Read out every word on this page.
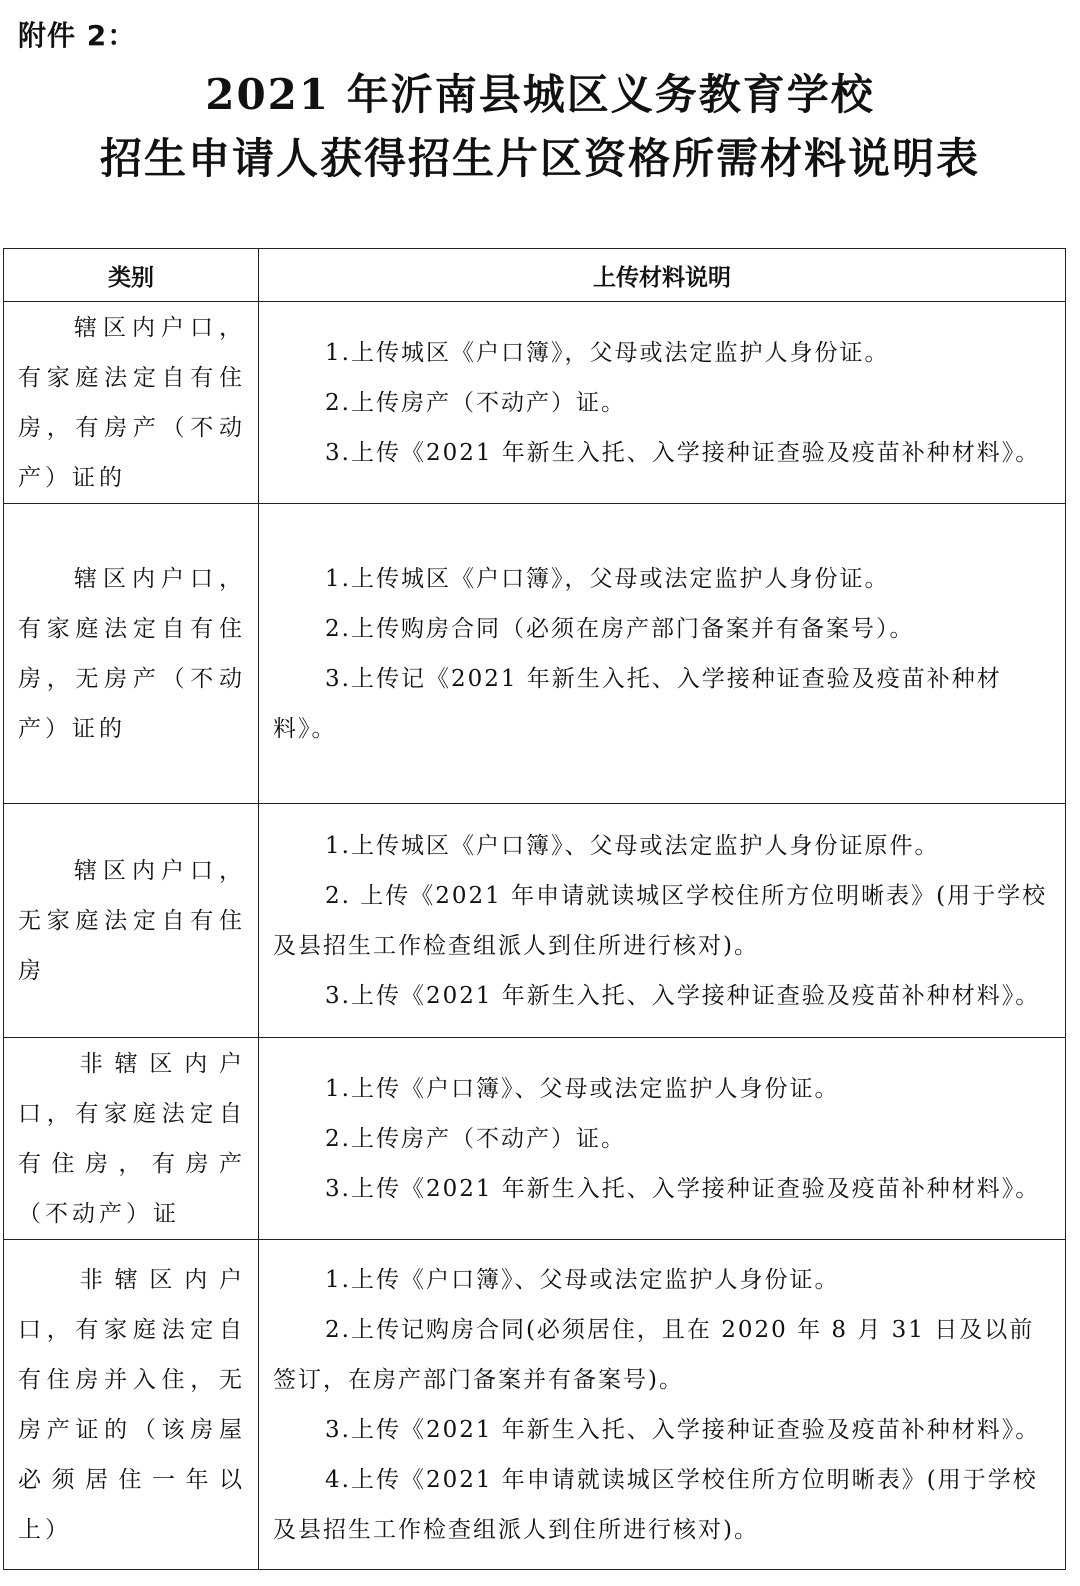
附件 2：
2021 年沂南县城区义务教育学校
招生申请人获得招生片区资格所需材料说明表
类别	上传材料说明
辖区内户口，有家庭法定自有住房，有房产（不动产）证的	1.上传城区《户口簿》，父母或法定监护人身份证。

2.上传房产（不动产）证。

3.上传《2021 年新生入托、入学接种证查验及疫苗补种材料》。

辖区内户口，有家庭法定自有住房，无房产（不动产）证的	1.上传城区《户口簿》，父母或法定监护人身份证。

2.上传购房合同（必须在房产部门备案并有备案号）。

3.上传记《2021 年新生入托、入学接种证查验及疫苗补种材料》。

辖区内户口，无家庭法定自有住房	1.上传城区《户口簿》、父母或法定监护人身份证原件。

2. 上传《2021 年申请就读城区学校住所方位明晰表》(用于学校及县招生工作检查组派人到住所进行核对)。

3.上传《2021 年新生入托、入学接种证查验及疫苗补种材料》。

非辖区内户口，有家庭法定自有住房，有房产（不动产）证	1.上传《户口簿》、父母或法定监护人身份证。

2.上传房产（不动产）证。

3.上传《2021 年新生入托、入学接种证查验及疫苗补种材料》。

非辖区内户口，有家庭法定自有住房并入住，无房产证的（该房屋必须居住一年以上）	1.上传《户口簿》、父母或法定监护人身份证。

2.上传记购房合同(必须居住，且在 2020 年 8 月 31 日及以前签订，在房产部门备案并有备案号)。

3.上传《2021 年新生入托、入学接种证查验及疫苗补种材料》。

4.上传《2021 年申请就读城区学校住所方位明晰表》(用于学校及县招生工作检查组派人到住所进行核对)。
